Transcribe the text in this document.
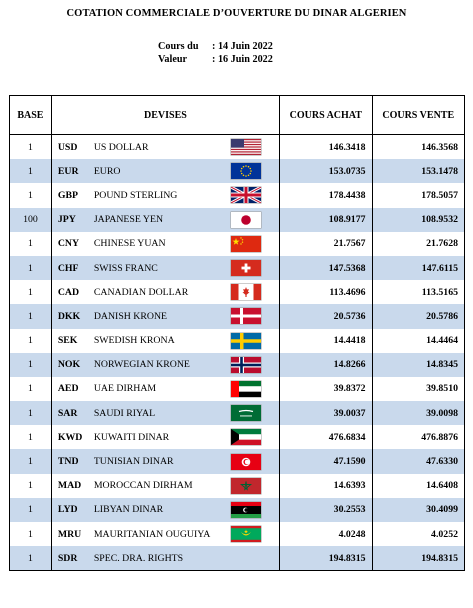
COTATION COMMERCIALE D’OUVERTURE DU DINAR ALGERIEN
Cours du	: 14 Juin 2022
Valeur	: 16 Juin 2022
BASE	DEVISES	COURS ACHAT	COURS VENTE
1	USD US DOLLAR	146.3418	146.3568
1	EUR EURO	153.0735	153.1478
1	GBP POUND STERLING	178.4438	178.5057
100	JPY JAPANESE YEN	108.9177	108.9532
1	CNY CHINESE YUAN	21.7567	21.7628
1	CHF SWISS FRANC	147.5368	147.6115
1	CAD CANADIAN DOLLAR	113.4696	113.5165
1	DKK DANISH KRONE	20.5736	20.5786
1	SEK SWEDISH KRONA	14.4418	14.4464
1	NOK NORWEGIAN KRONE	14.8266	14.8345
1	AED UAE DIRHAM	39.8372	39.8510
1	SAR SAUDI RIYAL	39.0037	39.0098
1	KWD KUWAITI DINAR	476.6834	476.8876
1	TND TUNISIAN DINAR	47.1590	47.6330
1	MAD MOROCCAN DIRHAM	14.6393	14.6408
1	LYD LIBYAN DINAR	30.2553	30.4099
1	MRU MAURITANIAN OUGUIYA	4.0248	4.0252
1	SDR SPEC. DRA. RIGHTS	194.8315	194.8315
